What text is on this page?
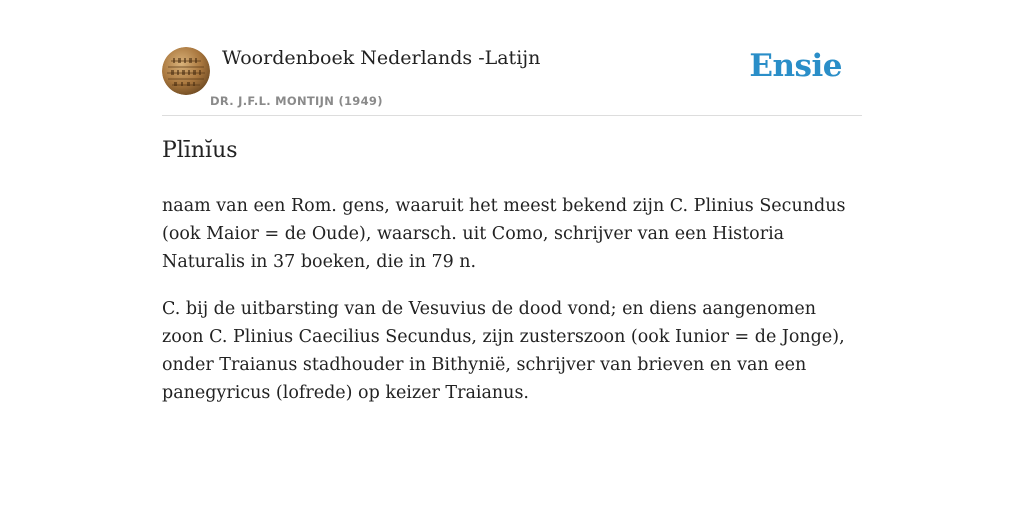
Woordenboek Nederlands -Latijn
DR. J.F.L. MONTIJN (1949)
Ensie
Plīnĭus

naam van een Rom. gens, waaruit het meest bekend zijn C. Plinius Secundus (ook Maior = de Oude), waarsch. uit Como, schrijver van een Historia Naturalis in 37 boeken, die in 79 n.

C. bij de uitbarsting van de Vesuvius de dood vond; en diens aangenomen zoon C. Plinius Caecilius Secundus, zijn zusterszoon (ook Iunior = de Jonge), onder Traianus stadhouder in Bithynië, schrijver van brieven en van een panegyricus (lofrede) op keizer Traianus.
